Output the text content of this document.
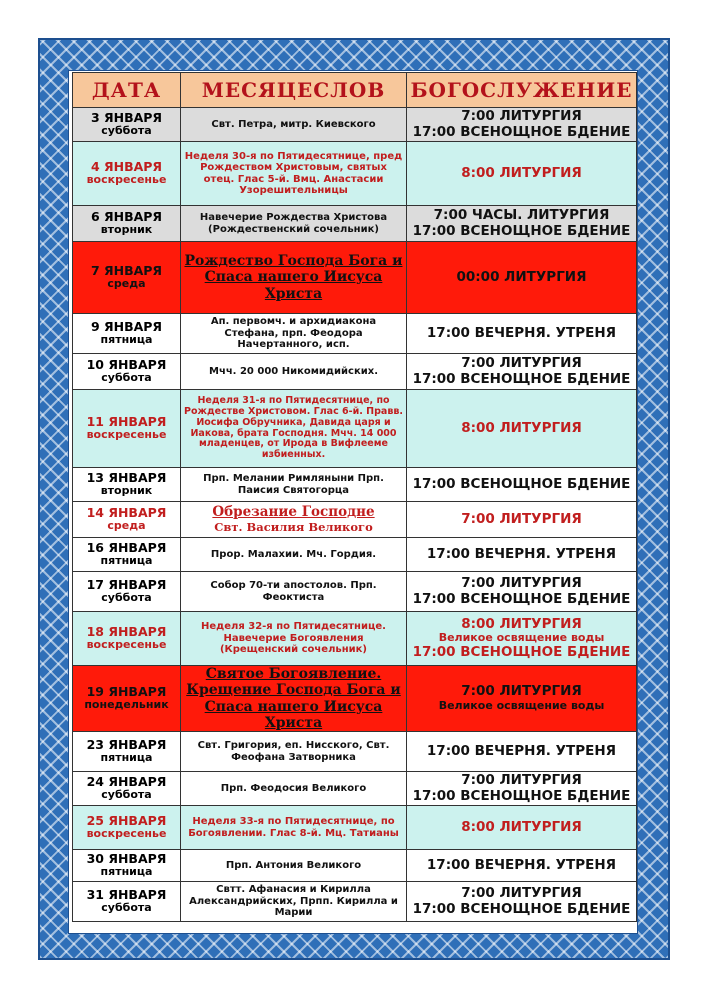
ДАТА	МЕСЯЦЕСЛОВ	БОГОСЛУЖЕНИЕ

3 ЯНВАРЯ
суббота	Свт. Петра, митр. Киевского	7:00 ЛИТУРГИЯ
17:00 ВСЕНОЩНОЕ БДЕНИЕ

4 ЯНВАРЯ
воскресенье	Неделя 30-я по Пятидесятнице, пред Рождеством Христовым, святых отец. Глас 5-й. Вмц. Анастасии Узорешительницы	8:00 ЛИТУРГИЯ

6 ЯНВАРЯ
вторник	Навечерие Рождества Христова (Рождественский сочельник)	7:00 ЧАСЫ. ЛИТУРГИЯ
17:00 ВСЕНОЩНОЕ БДЕНИЕ

7 ЯНВАРЯ
среда	Рождество Господа Бога и Спаса нашего Иисуса Христа	00:00 ЛИТУРГИЯ

9 ЯНВАРЯ
пятница	Ап. первомч. и архидиакона Стефана, прп. Феодора Начертанного, исп.	17:00 ВЕЧЕРНЯ. УТРЕНЯ

10 ЯНВАРЯ
суббота	Мчч. 20 000 Никомидийских.	7:00 ЛИТУРГИЯ
17:00 ВСЕНОЩНОЕ БДЕНИЕ

11 ЯНВАРЯ
воскресенье	Неделя 31-я по Пятидесятнице, по Рождестве Христовом. Глас 6-й. Правв. Иосифа Обручника, Давида царя и Иакова, брата Господня. Мчч. 14 000 младенцев, от Ирода в Вифлееме избиенных.	8:00 ЛИТУРГИЯ

13 ЯНВАРЯ
вторник	Прп. Мелании Римляныни Прп. Паисия Святогорца	17:00 ВСЕНОЩНОЕ БДЕНИЕ

14 ЯНВАРЯ
среда	Обрезание Господне
Свт. Василия Великого	7:00 ЛИТУРГИЯ

16 ЯНВАРЯ
пятница	Прор. Малахии. Мч. Гордия.	17:00 ВЕЧЕРНЯ. УТРЕНЯ

17 ЯНВАРЯ
суббота	Собор 70-ти апостолов. Прп. Феоктиста	7:00 ЛИТУРГИЯ
17:00 ВСЕНОЩНОЕ БДЕНИЕ

18 ЯНВАРЯ
воскресенье	Неделя 32-я по Пятидесятнице. Навечерие Богоявления (Крещенский сочельник)	8:00 ЛИТУРГИЯ
Великое освящение воды
17:00 ВСЕНОЩНОЕ БДЕНИЕ

19 ЯНВАРЯ
понедельник	Святое Богоявление. Крещение Господа Бога и Спаса нашего Иисуса Христа	7:00 ЛИТУРГИЯ
Великое освящение воды

23 ЯНВАРЯ
пятница	Свт. Григория, еп. Нисского, Свт. Феофана Затворника	17:00 ВЕЧЕРНЯ. УТРЕНЯ

24 ЯНВАРЯ
суббота	Прп. Феодосия Великого	7:00 ЛИТУРГИЯ
17:00 ВСЕНОЩНОЕ БДЕНИЕ

25 ЯНВАРЯ
воскресенье	Неделя 33-я по Пятидесятнице, по Богоявлении. Глас 8-й. Мц. Татианы	8:00 ЛИТУРГИЯ

30 ЯНВАРЯ
пятница	Прп. Антония Великого	17:00 ВЕЧЕРНЯ. УТРЕНЯ

31 ЯНВАРЯ
суббота	Свтт. Афанасия и Кирилла Александрийских, Прпп. Кирилла и Марии	7:00 ЛИТУРГИЯ
17:00 ВСЕНОЩНОЕ БДЕНИЕ
